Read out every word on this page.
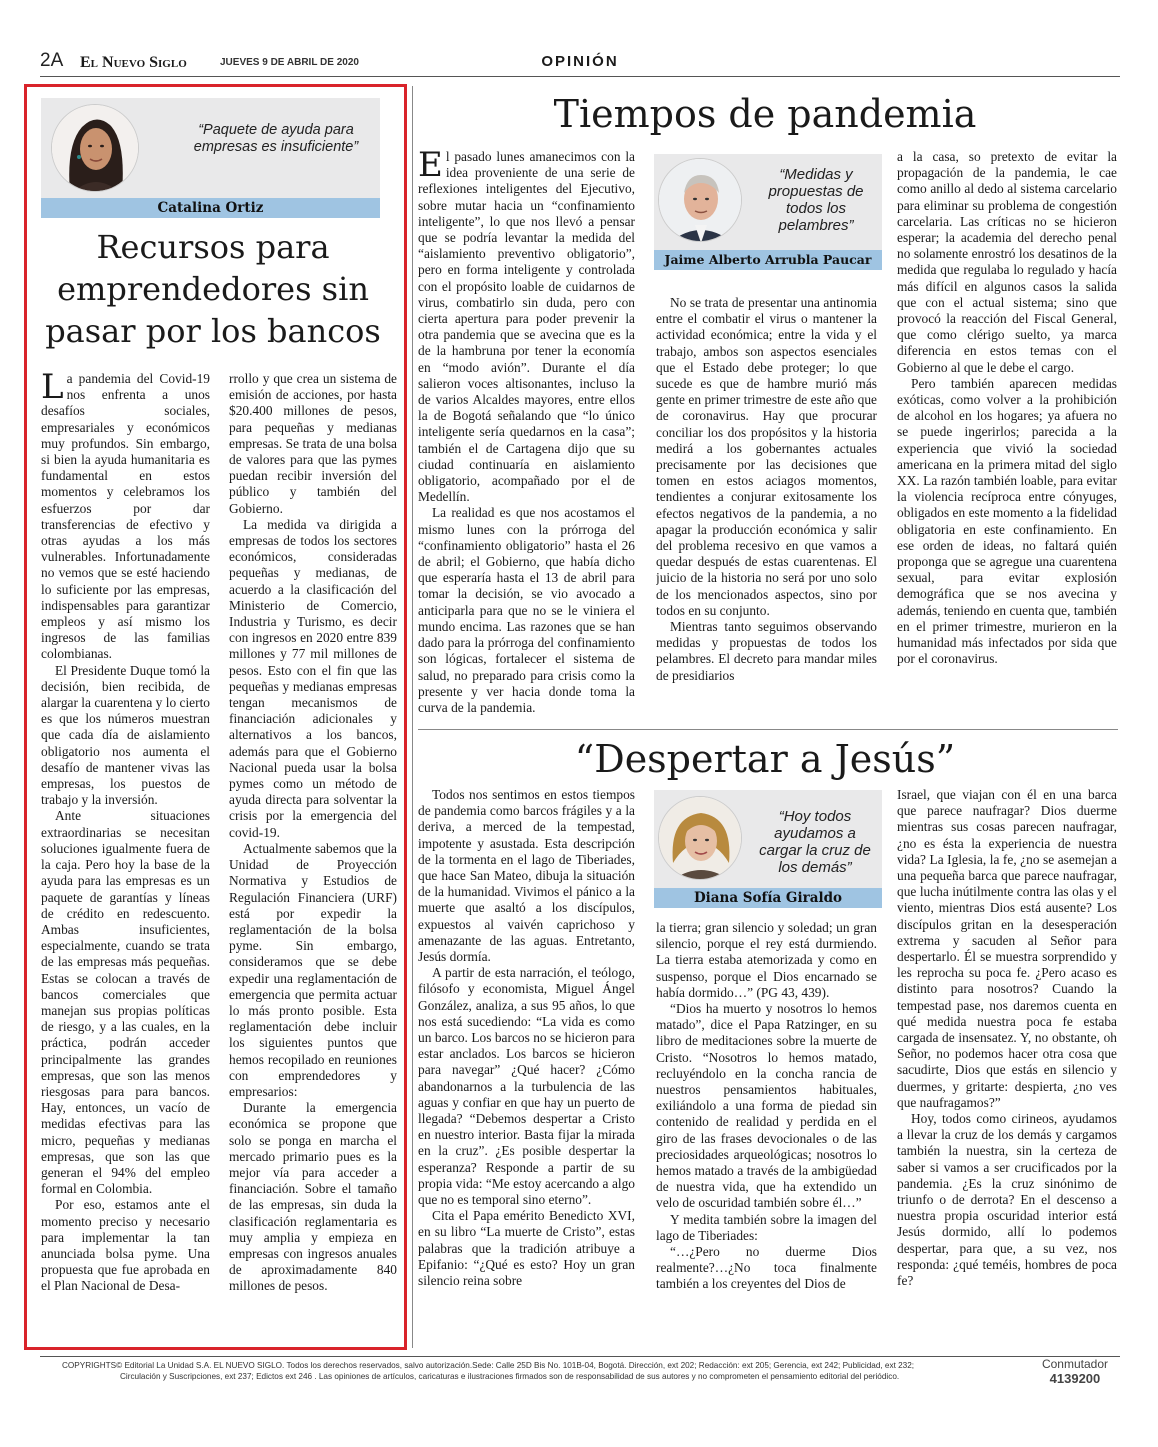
2A El Nuevo Siglo	JUEVES 9 DE ABRIL DE 2020	OPINIÓN
“Paquete de ayuda para empresas es insuficiente”
Catalina Ortiz
Recursos para emprendedores sin pasar por los bancos

La pandemia del Covid-19 nos enfrenta a unos desafíos sociales, empresariales y económicos muy profundos. Sin embargo, si bien la ayuda humanitaria es fundamental en estos momentos y celebramos los esfuerzos por dar transferencias de efectivo y otras ayudas a los más vulnerables. Infortunadamente no vemos que se esté haciendo lo suficiente por las empresas, indispensables para garantizar empleos y así mismo los ingresos de las familias colombianas.

El Presidente Duque tomó la decisión, bien recibida, de alargar la cuarentena y lo cierto es que los números muestran que cada día de aislamiento obligatorio nos aumenta el desafío de mantener vivas las empresas, los puestos de trabajo y la inversión.

Ante situaciones extraordinarias se necesitan soluciones igualmente fuera de la caja. Pero hoy la base de la ayuda para las empresas es un paquete de garantías y líneas de crédito en redescuento. Ambas insuficientes, especialmente, cuando se trata de las empresas más pequeñas. Estas se colocan a través de bancos comerciales que manejan sus propias políticas de riesgo, y a las cuales, en la práctica, podrán acceder principalmente las grandes empresas, que son las menos riesgosas para para bancos. Hay, entonces, un vacío de medidas efectivas para las micro, pequeñas y medianas empresas, que son las que generan el 94% del empleo formal en Colombia.

Por eso, estamos ante el momento preciso y necesario para implementar la tan anunciada bolsa pyme. Una propuesta que fue aprobada en el Plan Nacional de Desa-

rrollo y que crea un sistema de emisión de acciones, por hasta $20.400 millones de pesos, para pequeñas y medianas empresas. Se trata de una bolsa de valores para que las pymes puedan recibir inversión del público y también del Gobierno.

La medida va dirigida a empresas de todos los sectores económicos, consideradas pequeñas y medianas, de acuerdo a la clasificación del Ministerio de Comercio, Industria y Turismo, es decir con ingresos en 2020 entre 839 millones y 77 mil millones de pesos. Esto con el fin que las pequeñas y medianas empresas tengan mecanismos de financiación adicionales y alternativos a los bancos, además para que el Gobierno Nacional pueda usar la bolsa pymes como un método de ayuda directa para solventar la crisis por la emergencia del covid-19.

Actualmente sabemos que la Unidad de Proyección Normativa y Estudios de Regulación Financiera (URF) está por expedir la reglamentación de la bolsa pyme. Sin embargo, consideramos que se debe expedir una reglamentación de emergencia que permita actuar lo más pronto posible. Esta reglamentación debe incluir los siguientes puntos que hemos recopilado en reuniones con emprendedores y empresarios:

Durante la emergencia económica se propone que solo se ponga en marcha el mercado primario pues es la mejor vía para acceder a financiación. Sobre el tamaño de las empresas, sin duda la clasificación reglamentaria es muy amplia y empieza en empresas con ingresos anuales de aproximadamente 840 millones de pesos.

Tiempos de pandemia

El pasado lunes amanecimos con la idea proveniente de una serie de reflexiones inteligentes del Ejecutivo, sobre mutar hacia un “confinamiento inteligente”, lo que nos llevó a pensar que se podría levantar la medida del “aislamiento preventivo obligatorio”, pero en forma inteligente y controlada con el propósito loable de cuidarnos de virus, combatirlo sin duda, pero con cierta apertura para poder prevenir la otra pandemia que se avecina que es la de la hambruna por tener la economía en “modo avión”. Durante el día salieron voces altisonantes, incluso la de varios Alcaldes mayores, entre ellos la de Bogotá señalando que “lo único inteligente sería quedarnos en la casa”; también el de Cartagena dijo que su ciudad continuaría en aislamiento obligatorio, acompañado por el de Medellín.

La realidad es que nos acostamos el mismo lunes con la prórroga del “confinamiento obligatorio” hasta el 26 de abril; el Gobierno, que había dicho que esperaría hasta el 13 de abril para tomar la decisión, se vio avocado a anticiparla para que no se le viniera el mundo encima. Las razones que se han dado para la prórroga del confinamiento son lógicas, fortalecer el sistema de salud, no preparado para crisis como la presente y ver hacia donde toma la curva de la pandemia.

“Medidas y propuestas de todos los pelambres”
Jaime Alberto Arrubla Paucar

No se trata de presentar una antinomia entre el combatir el virus o mantener la actividad económica; entre la vida y el trabajo, ambos son aspectos esenciales que el Estado debe proteger; lo que sucede es que de hambre murió más gente en primer trimestre de este año que de coronavirus. Hay que procurar conciliar los dos propósitos y la historia medirá a los gobernantes actuales precisamente por las decisiones que tomen en estos aciagos momentos, tendientes a conjurar exitosamente los efectos negativos de la pandemia, a no apagar la producción económica y salir del problema recesivo en que vamos a quedar después de estas cuarentenas. El juicio de la historia no será por uno solo de los mencionados aspectos, sino por todos en su conjunto.

Mientras tanto seguimos observando medidas y propuestas de todos los pelambres. El decreto para mandar miles de presidiarios

a la casa, so pretexto de evitar la propagación de la pandemia, le cae como anillo al dedo al sistema carcelario para eliminar su problema de congestión carcelaria. Las críticas no se hicieron esperar; la academia del derecho penal no solamente enrostró los desatinos de la medida que regulaba lo regulado y hacía más difícil en algunos casos la salida que con el actual sistema; sino que provocó la reacción del Fiscal General, que como clérigo suelto, ya marca diferencia en estos temas con el Gobierno al que le debe el cargo.

Pero también aparecen medidas exóticas, como volver a la prohibición de alcohol en los hogares; ya afuera no se puede ingerirlos; parecida a la experiencia que vivió la sociedad americana en la primera mitad del siglo XX. La razón también loable, para evitar la violencia recíproca entre cónyuges, obligados en este momento a la fidelidad obligatoria en este confinamiento. En ese orden de ideas, no faltará quién proponga que se agregue una cuarentena sexual, para evitar explosión demográfica que se nos avecina y además, teniendo en cuenta que, también en el primer trimestre, murieron en la humanidad más infectados por sida que por el coronavirus.

“Despertar a Jesús”

Todos nos sentimos en estos tiempos de pandemia como barcos frágiles y a la deriva, a merced de la tempestad, impotente y asustada. Esta descripción de la tormenta en el lago de Tiberiades, que hace San Mateo, dibuja la situación de la humanidad. Vivimos el pánico a la muerte que asaltó a los discípulos, expuestos al vaivén caprichoso y amenazante de las aguas. Entretanto, Jesús dormía.

A partir de esta narración, el teólogo, filósofo y economista, Miguel Ángel González, analiza, a sus 95 años, lo que nos está sucediendo: “La vida es como un barco. Los barcos no se hicieron para estar anclados. Los barcos se hicieron para navegar” ¿Qué hacer? ¿Cómo abandonarnos a la turbulencia de las aguas y confiar en que hay un puerto de llegada? “Debemos despertar a Cristo en nuestro interior. Basta fijar la mirada en la cruz”. ¿Es posible despertar la esperanza? Responde a partir de su propia vida: “Me estoy acercando a algo que no es temporal sino eterno”.

Cita el Papa emérito Benedicto XVI, en su libro “La muerte de Cristo”, estas palabras que la tradición atribuye a Epifanio: “¿Qué es esto? Hoy un gran silencio reina sobre

“Hoy todos ayudamos a cargar la cruz de los demás”
Diana Sofía Giraldo

la tierra; gran silencio y soledad; un gran silencio, porque el rey está durmiendo. La tierra estaba atemorizada y como en suspenso, porque el Dios encarnado se había dormido…” (PG 43, 439).

“Dios ha muerto y nosotros lo hemos matado”, dice el Papa Ratzinger, en su libro de meditaciones sobre la muerte de Cristo. “Nosotros lo hemos matado, recluyéndolo en la concha rancia de nuestros pensamientos habituales, exiliándolo a una forma de piedad sin contenido de realidad y perdida en el giro de las frases devocionales o de las preciosidades arqueológicas; nosotros lo hemos matado a través de la ambigüedad de nuestra vida, que ha extendido un velo de oscuridad también sobre él…”

Y medita también sobre la imagen del lago de Tiberiades:

“…¿Pero no duerme Dios realmente?…¿No toca finalmente también a los creyentes del Dios de

Israel, que viajan con él en una barca que parece naufragar? Dios duerme mientras sus cosas parecen naufragar, ¿no es ésta la experiencia de nuestra vida? La Iglesia, la fe, ¿no se asemejan a una pequeña barca que parece naufragar, que lucha inútilmente contra las olas y el viento, mientras Dios está ausente? Los discípulos gritan en la desesperación extrema y sacuden al Señor para despertarlo. Él se muestra sorprendido y les reprocha su poca fe. ¿Pero acaso es distinto para nosotros? Cuando la tempestad pase, nos daremos cuenta en qué medida nuestra poca fe estaba cargada de insensatez. Y, no obstante, oh Señor, no podemos hacer otra cosa que sacudirte, Dios que estás en silencio y duermes, y gritarte: despierta, ¿no ves que naufragamos?”

Hoy, todos como cirineos, ayudamos a llevar la cruz de los demás y cargamos también la nuestra, sin la certeza de saber si vamos a ser crucificados por la pandemia. ¿Es la cruz sinónimo de triunfo o de derrota? En el descenso a nuestra propia oscuridad interior está Jesús dormido, allí lo podemos despertar, para que, a su vez, nos responda: ¿qué teméis, hombres de poca fe?

COPYRIGHTS© Editorial La Unidad S.A. EL NUEVO SIGLO. Todos los derechos reservados, salvo autorización.Sede: Calle 25D Bis No. 101B-04, Bogotá. Dirección, ext 202; Redacción: ext 205; Gerencia, ext 242; Publicidad, ext 232;
Circulación y Suscripciones, ext 237; Edictos ext 246 . Las opiniones de artículos, caricaturas e ilustraciones firmados son de responsabilidad de sus autores y no comprometen el pensamiento editorial del periódico.
Conmutador
4139200
